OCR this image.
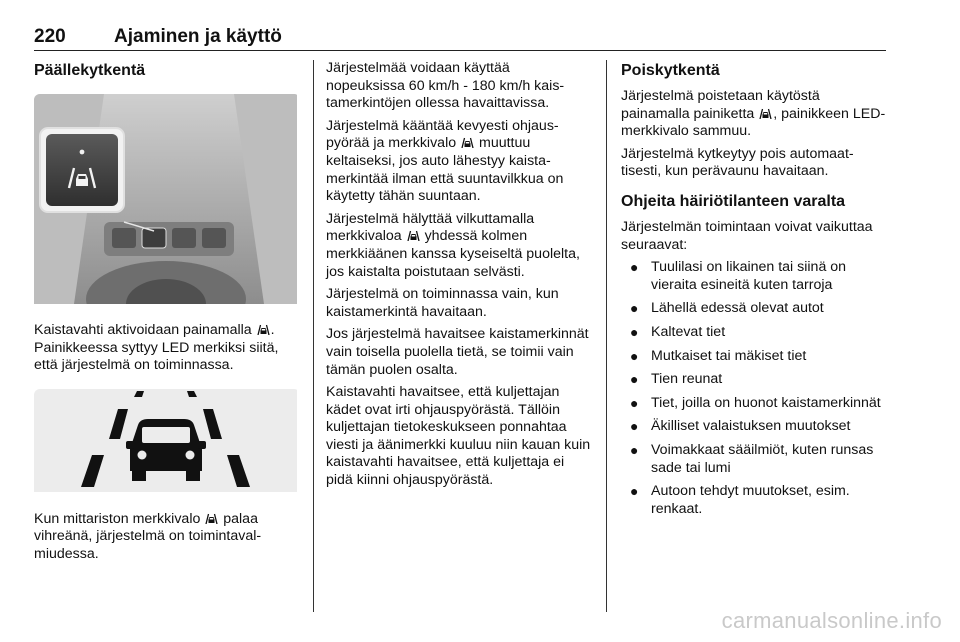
220	Ajaminen ja käyttö
Päällekytkentä

Kaistavahti aktivoidaan painamalla . Painikkeessa syttyy LED merkiksi siitä, että järjestelmä on toiminnassa.

Kun mittariston merkkivalo  palaa vihreänä, järjestelmä on toimintavalmiudessa.

Järjestelmää voidaan käyttää nopeuksissa 60 km/h - 180 km/h kaistamerkintöjen ollessa havaittavissa.

Järjestelmä kääntää kevyesti ohjauspyörää ja merkkivalo  muuttuu keltaiseksi, jos auto lähestyy kaistamerkintää ilman että suuntavilkkua on käytetty tähän suuntaan.

Järjestelmä hälyttää vilkuttamalla merkkivaloa  yhdessä kolmen merkkiäänen kanssa kyseiseltä puolelta, jos kaistalta poistutaan selvästi.

Järjestelmä on toiminnassa vain, kun kaistamerkintä havaitaan.

Jos järjestelmä havaitsee kaistamerkinnät vain toisella puolella tietä, se toimii vain tämän puolen osalta.

Kaistavahti havaitsee, että kuljettajan kädet ovat irti ohjauspyörästä. Tällöin kuljettajan tietokeskukseen ponnahtaa viesti ja äänimerkki kuuluu niin kauan kuin kaistavahti havaitsee, että kuljettaja ei pidä kiinni ohjauspyörästä.

Poiskytkentä

Järjestelmä poistetaan käytöstä painamalla painiketta , painikkeen LED-merkkivalo sammuu.

Järjestelmä kytkeytyy pois automaattisesti, kun perävaunu havaitaan.

Ohjeita häiriötilanteen varalta

Järjestelmän toimintaan voivat vaikuttaa seuraavat:

● Tuulilasi on likainen tai siinä on vieraita esineitä kuten tarroja
● Lähellä edessä olevat autot
● Kaltevat tiet
● Mutkaiset tai mäkiset tiet
● Tien reunat
● Tiet, joilla on huonot kaistamerkinnät
● Äkilliset valaistuksen muutokset
● Voimakkaat sääilmiöt, kuten runsas sade tai lumi
● Autoon tehdyt muutokset, esim. renkaat.
carmanualsonline.info
